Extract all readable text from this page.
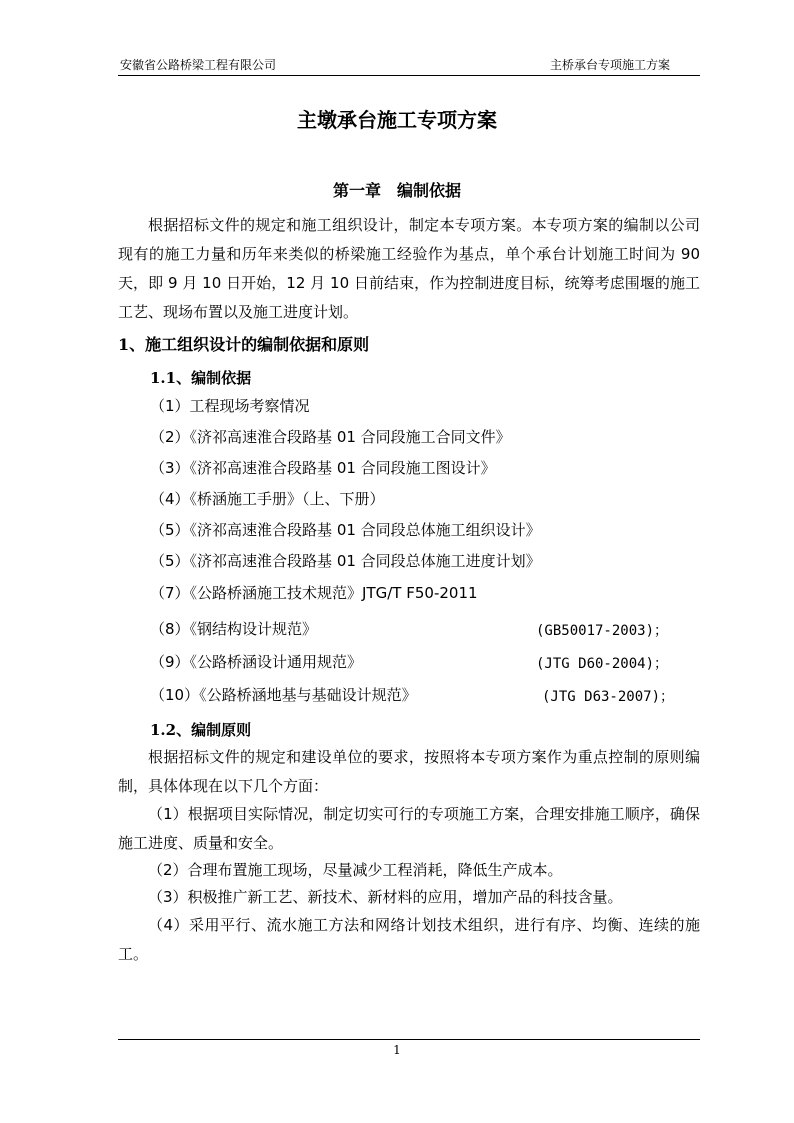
安徽省公路桥梁工程有限公司	主桥承台专项施工方案
主墩承台施工专项方案
第一章　编制依据
根据招标文件的规定和施工组织设计，制定本专项方案。本专项方案的编制以公司现有的施工力量和历年来类似的桥梁施工经验作为基点，单个承台计划施工时间为 90 天，即 9 月 10 日开始，12 月 10 日前结束，作为控制进度目标，统筹考虑围堰的施工工艺、现场布置以及施工进度计划。
1、施工组织设计的编制依据和原则
1.1、编制依据
（1）工程现场考察情况
（2）《济祁高速淮合段路基 01 合同段施工合同文件》
（3）《济祁高速淮合段路基 01 合同段施工图设计》
（4）《桥涵施工手册》（上、下册）
（5）《济祁高速淮合段路基 01 合同段总体施工组织设计》
（5）《济祁高速淮合段路基 01 合同段总体施工进度计划》
（7）《公路桥涵施工技术规范》JTG/T F50-2011
（8）《钢结构设计规范》	(GB50017-2003)；
（9）《公路桥涵设计通用规范》	(JTG D60-2004)；
（10）《公路桥涵地基与基础设计规范》	(JTG D63-2007)；
1.2、编制原则
根据招标文件的规定和建设单位的要求，按照将本专项方案作为重点控制的原则编制，具体体现在以下几个方面：
（1）根据项目实际情况，制定切实可行的专项施工方案，合理安排施工顺序，确保施工进度、质量和安全。
（2）合理布置施工现场，尽量减少工程消耗，降低生产成本。
（3）积极推广新工艺、新技术、新材料的应用，增加产品的科技含量。
（4）采用平行、流水施工方法和网络计划技术组织，进行有序、均衡、连续的施工。
1
